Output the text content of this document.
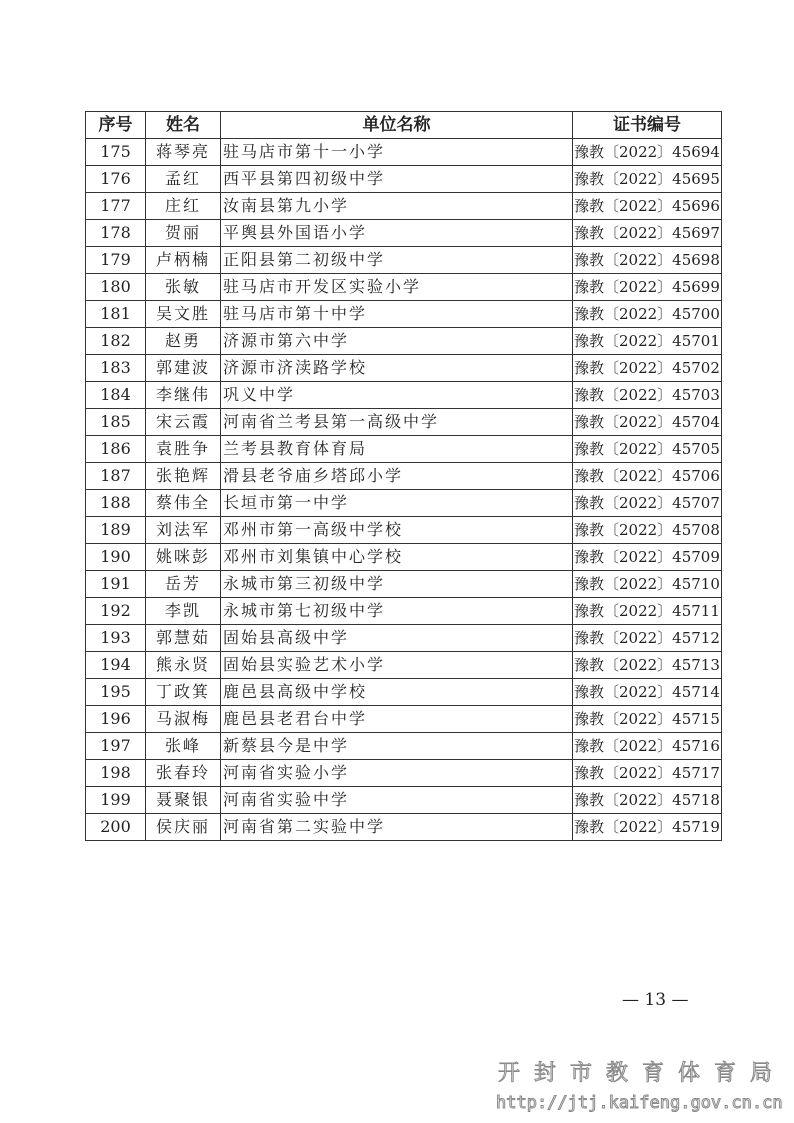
序号	姓名	单位名称	证书编号
175	蒋琴亮	驻马店市第十一小学	豫教〔2022〕45694
176	孟红	西平县第四初级中学	豫教〔2022〕45695
177	庄红	汝南县第九小学	豫教〔2022〕45696
178	贺丽	平舆县外国语小学	豫教〔2022〕45697
179	卢柄楠	正阳县第二初级中学	豫教〔2022〕45698
180	张敏	驻马店市开发区实验小学	豫教〔2022〕45699
181	吴文胜	驻马店市第十中学	豫教〔2022〕45700
182	赵勇	济源市第六中学	豫教〔2022〕45701
183	郭建波	济源市济渎路学校	豫教〔2022〕45702
184	李继伟	巩义中学	豫教〔2022〕45703
185	宋云霞	河南省兰考县第一高级中学	豫教〔2022〕45704
186	袁胜争	兰考县教育体育局	豫教〔2022〕45705
187	张艳辉	滑县老爷庙乡塔邱小学	豫教〔2022〕45706
188	蔡伟全	长垣市第一中学	豫教〔2022〕45707
189	刘法军	邓州市第一高级中学校	豫教〔2022〕45708
190	姚咪彭	邓州市刘集镇中心学校	豫教〔2022〕45709
191	岳芳	永城市第三初级中学	豫教〔2022〕45710
192	李凯	永城市第七初级中学	豫教〔2022〕45711
193	郭慧茹	固始县高级中学	豫教〔2022〕45712
194	熊永贤	固始县实验艺术小学	豫教〔2022〕45713
195	丁政箕	鹿邑县高级中学校	豫教〔2022〕45714
196	马淑梅	鹿邑县老君台中学	豫教〔2022〕45715
197	张峰	新蔡县今是中学	豫教〔2022〕45716
198	张春玲	河南省实验小学	豫教〔2022〕45717
199	聂聚银	河南省实验中学	豫教〔2022〕45718
200	侯庆丽	河南省第二实验中学	豫教〔2022〕45719
— 13 —
开封市教育体育局
http://jtj.kaifeng.gov.cn.cn
